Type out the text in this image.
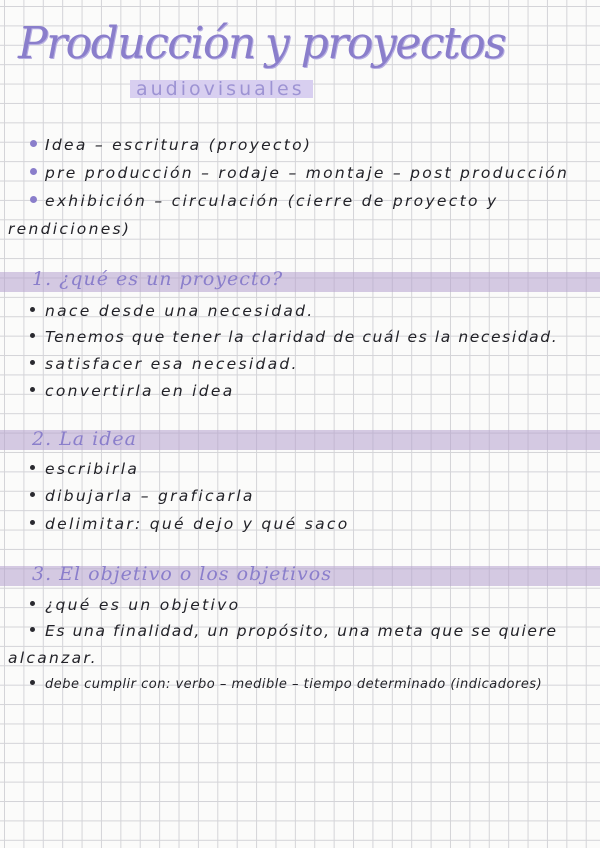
Producción y proyectos
audiovisuales
Idea – escritura (proyecto)
pre producción – rodaje – montaje – post producción
exhibición – circulación (cierre de proyecto y
rendiciones)
1. ¿qué es un proyecto?
nace desde una necesidad.
Tenemos que tener la claridad de cuál es la necesidad.
satisfacer esa necesidad.
convertirla en idea
2. La idea
escribirla
dibujarla – graficarla
delimitar: qué dejo y qué saco
3. El objetivo o los objetivos
¿qué es un objetivo
Es una finalidad, un propósito, una meta que se quiere
alcanzar.
debe cumplir con: verbo – medible – tiempo determinado (indicadores)
